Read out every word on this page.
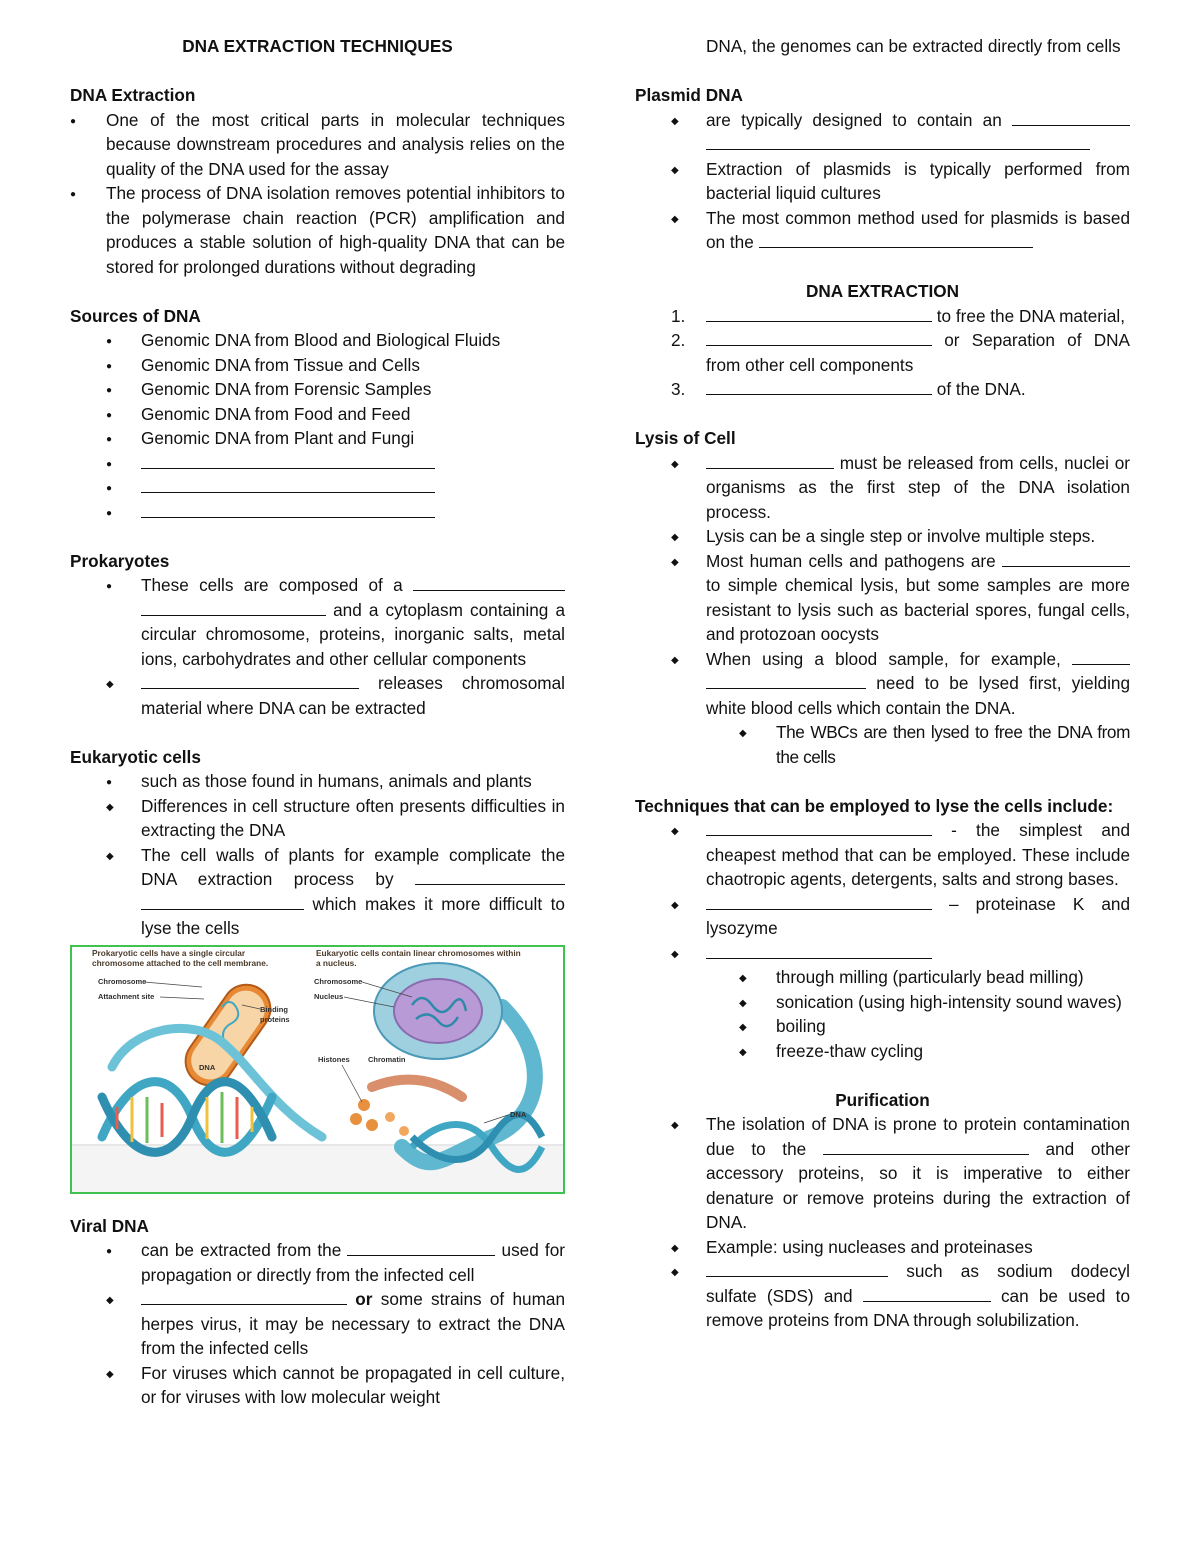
DNA EXTRACTION TECHNIQUES
DNA Extraction
●
One of the most critical parts in molecular techniques because downstream procedures and analysis relies on the quality of the DNA used for the assay
●
The process of DNA isolation removes potential inhibitors to the polymerase chain reaction (PCR) amplification and produces a stable solution of high-quality DNA that can be stored for prolonged durations without degrading
Sources of DNA
●
Genomic DNA from Blood and Biological Fluids
●
Genomic DNA from Tissue and Cells
●
Genomic DNA from Forensic Samples
●
Genomic DNA from Food and Feed
●
Genomic DNA from Plant and Fungi
●
●
●
Prokaryotes
●
These cells are composed of a   and a cytoplasm containing a circular chromosome, proteins, inorganic salts, metal ions, carbohydrates and other cellular components
◆
releases chromosomal material where DNA can be extracted
Eukaryotic cells
●
such as those found in humans, animals and plants
◆
Differences in cell structure often presents difficulties in extracting the DNA
◆
The cell walls of plants for example complicate the DNA extraction process by   which makes it more difficult to lyse the cells
Prokaryotic cells have a single circular
chromosome attached to the cell membrane.
Chromosome
Attachment site
Binding
proteins
DNA
Eukaryotic cells contain linear chromosomes within
a nucleus.
Chromosome
Nucleus
Histones Chromatin
DNA
Viral DNA
●
can be extracted from the	used for propagation or directly from the infected cell
◆
or some strains of human herpes virus, it may be necessary to extract the DNA from the infected cells
◆
For viruses which cannot be propagated in cell culture, or for viruses with low molecular weight
DNA, the genomes can be extracted directly from cells
Plasmid DNA
◆
are typically designed to contain an
◆
Extraction of plasmids is typically performed from bacterial liquid cultures
◆
The most common method used for plasmids is based on the
DNA EXTRACTION
1.	to free the DNA material,
2.	or Separation of DNA from other cell components
3.	of the DNA.
Lysis of Cell
◆
must be released from cells, nuclei or organisms as the first step of the DNA isolation process.
◆
Lysis can be a single step or involve multiple steps.
◆
Most human cells and pathogens are  to simple chemical lysis, but some samples are more resistant to lysis such as bacterial spores, fungal cells, and protozoan oocysts
◆
When using a blood sample, for example,   need to be lysed first, yielding white blood cells which contain the DNA.
◆
The WBCs are then lysed to free the DNA from the cells
Techniques that can be employed to lyse the cells include:
◆
- the simplest and cheapest method that can be employed. These include chaotropic agents, detergents, salts and strong bases.
◆
– proteinase K and lysozyme
◆
◆
through milling (particularly bead milling)
◆
sonication (using high-intensity sound waves)
◆
boiling
◆
freeze-thaw cycling
Purification
◆
The isolation of DNA is prone to protein contamination due to the	and other accessory proteins, so it is imperative to either denature or remove proteins during the extraction of DNA.
◆
Example: using nucleases and proteinases
◆
such as sodium dodecyl sulfate (SDS) and	can be used to remove proteins from DNA through solubilization.
